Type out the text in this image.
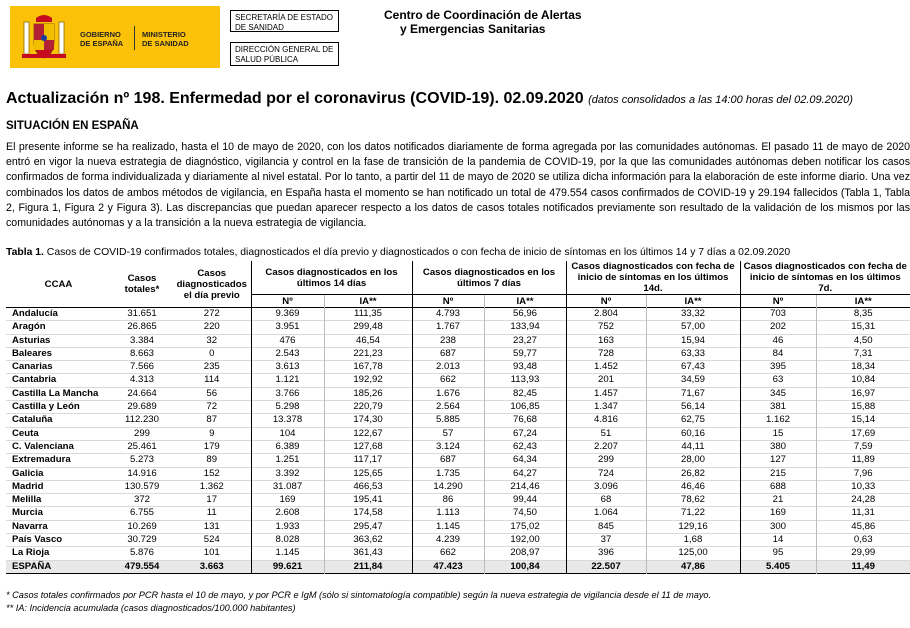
GOBIERNO
DE ESPAÑA
MINISTERIO
DE SANIDAD
SECRETARÍA DE ESTADO
DE SANIDAD
DIRECCIÓN GENERAL DE
SALUD PÚBLICA
Centro de Coordinación de Alertas
y Emergencias Sanitarias
Actualización nº 198. Enfermedad por el coronavirus (COVID-19). 02.09.2020 (datos consolidados a las 14:00 horas del 02.09.2020)
SITUACIÓN EN ESPAÑA
El presente informe se ha realizado, hasta el 10 de mayo de 2020, con los datos notificados diariamente de forma agregada por las comunidades autónomas. El pasado 11 de mayo de 2020 entró en vigor la nueva estrategia de diagnóstico, vigilancia y control en la fase de transición de la pandemia de COVID-19, por la que las comunidades autónomas deben notificar los casos confirmados de forma individualizada y diariamente al nivel estatal. Por lo tanto, a partir del 11 de mayo de 2020 se utiliza dicha información para la elaboración de este informe diario. Una vez combinados los datos de ambos métodos de vigilancia, en España hasta el momento se han notificado un total de 479.554 casos confirmados de COVID-19 y 29.194 fallecidos (Tabla 1, Tabla 2, Figura 1, Figura 2 y Figura 3). Las discrepancias que puedan aparecer respecto a los datos de casos totales notificados previamente son resultado de la validación de los mismos por las comunidades autónomas y a la transición a la nueva estrategia de vigilancia.
Tabla 1. Casos de COVID-19 confirmados totales, diagnosticados el día previo y diagnosticados o con fecha de inicio de síntomas en los últimos 14 y 7 días a 02.09.2020
CCAA	Casos totales*	Casos diagnosticados el día previo	Casos diagnosticados en los últimos 14 días		Casos diagnosticados en los últimos 7 días		Casos diagnosticados con fecha de inicio de síntomas en los últimos 14d.		Casos diagnosticados con fecha de inicio de síntomas en los últimos 7d.	
			Nº	IA**	Nº	IA**	Nº	IA**	Nº	IA**
Andalucía	31.651	272	9.369	111,35	4.793	56,96	2.804	33,32	703	8,35
Aragón	26.865	220	3.951	299,48	1.767	133,94	752	57,00	202	15,31
Asturias	3.384	32	476	46,54	238	23,27	163	15,94	46	4,50
Baleares	8.663	0	2.543	221,23	687	59,77	728	63,33	84	7,31
Canarias	7.566	235	3.613	167,78	2.013	93,48	1.452	67,43	395	18,34
Cantabria	4.313	114	1.121	192,92	662	113,93	201	34,59	63	10,84
Castilla La Mancha	24.664	56	3.766	185,26	1.676	82,45	1.457	71,67	345	16,97
Castilla y León	29.689	72	5.298	220,79	2.564	106,85	1.347	56,14	381	15,88
Cataluña	112.230	87	13.378	174,30	5.885	76,68	4.816	62,75	1.162	15,14
Ceuta	299	9	104	122,67	57	67,24	51	60,16	15	17,69
C. Valenciana	25.461	179	6.389	127,68	3.124	62,43	2.207	44,11	380	7,59
Extremadura	5.273	89	1.251	117,17	687	64,34	299	28,00	127	11,89
Galicia	14.916	152	3.392	125,65	1.735	64,27	724	26,82	215	7,96
Madrid	130.579	1.362	31.087	466,53	14.290	214,46	3.096	46,46	688	10,33
Melilla	372	17	169	195,41	86	99,44	68	78,62	21	24,28
Murcia	6.755	11	2.608	174,58	1.113	74,50	1.064	71,22	169	11,31
Navarra	10.269	131	1.933	295,47	1.145	175,02	845	129,16	300	45,86
País Vasco	30.729	524	8.028	363,62	4.239	192,00	37	1,68	14	0,63
La Rioja	5.876	101	1.145	361,43	662	208,97	396	125,00	95	29,99
ESPAÑA	479.554	3.663	99.621	211,84	47.423	100,84	22.507	47,86	5.405	11,49
* Casos totales confirmados por PCR hasta el 10 de mayo, y por PCR e IgM (sólo si sintomatología compatible) según la nueva estrategia de vigilancia desde el 11 de mayo.
** IA: Incidencia acumulada (casos diagnosticados/100.000 habitantes)
